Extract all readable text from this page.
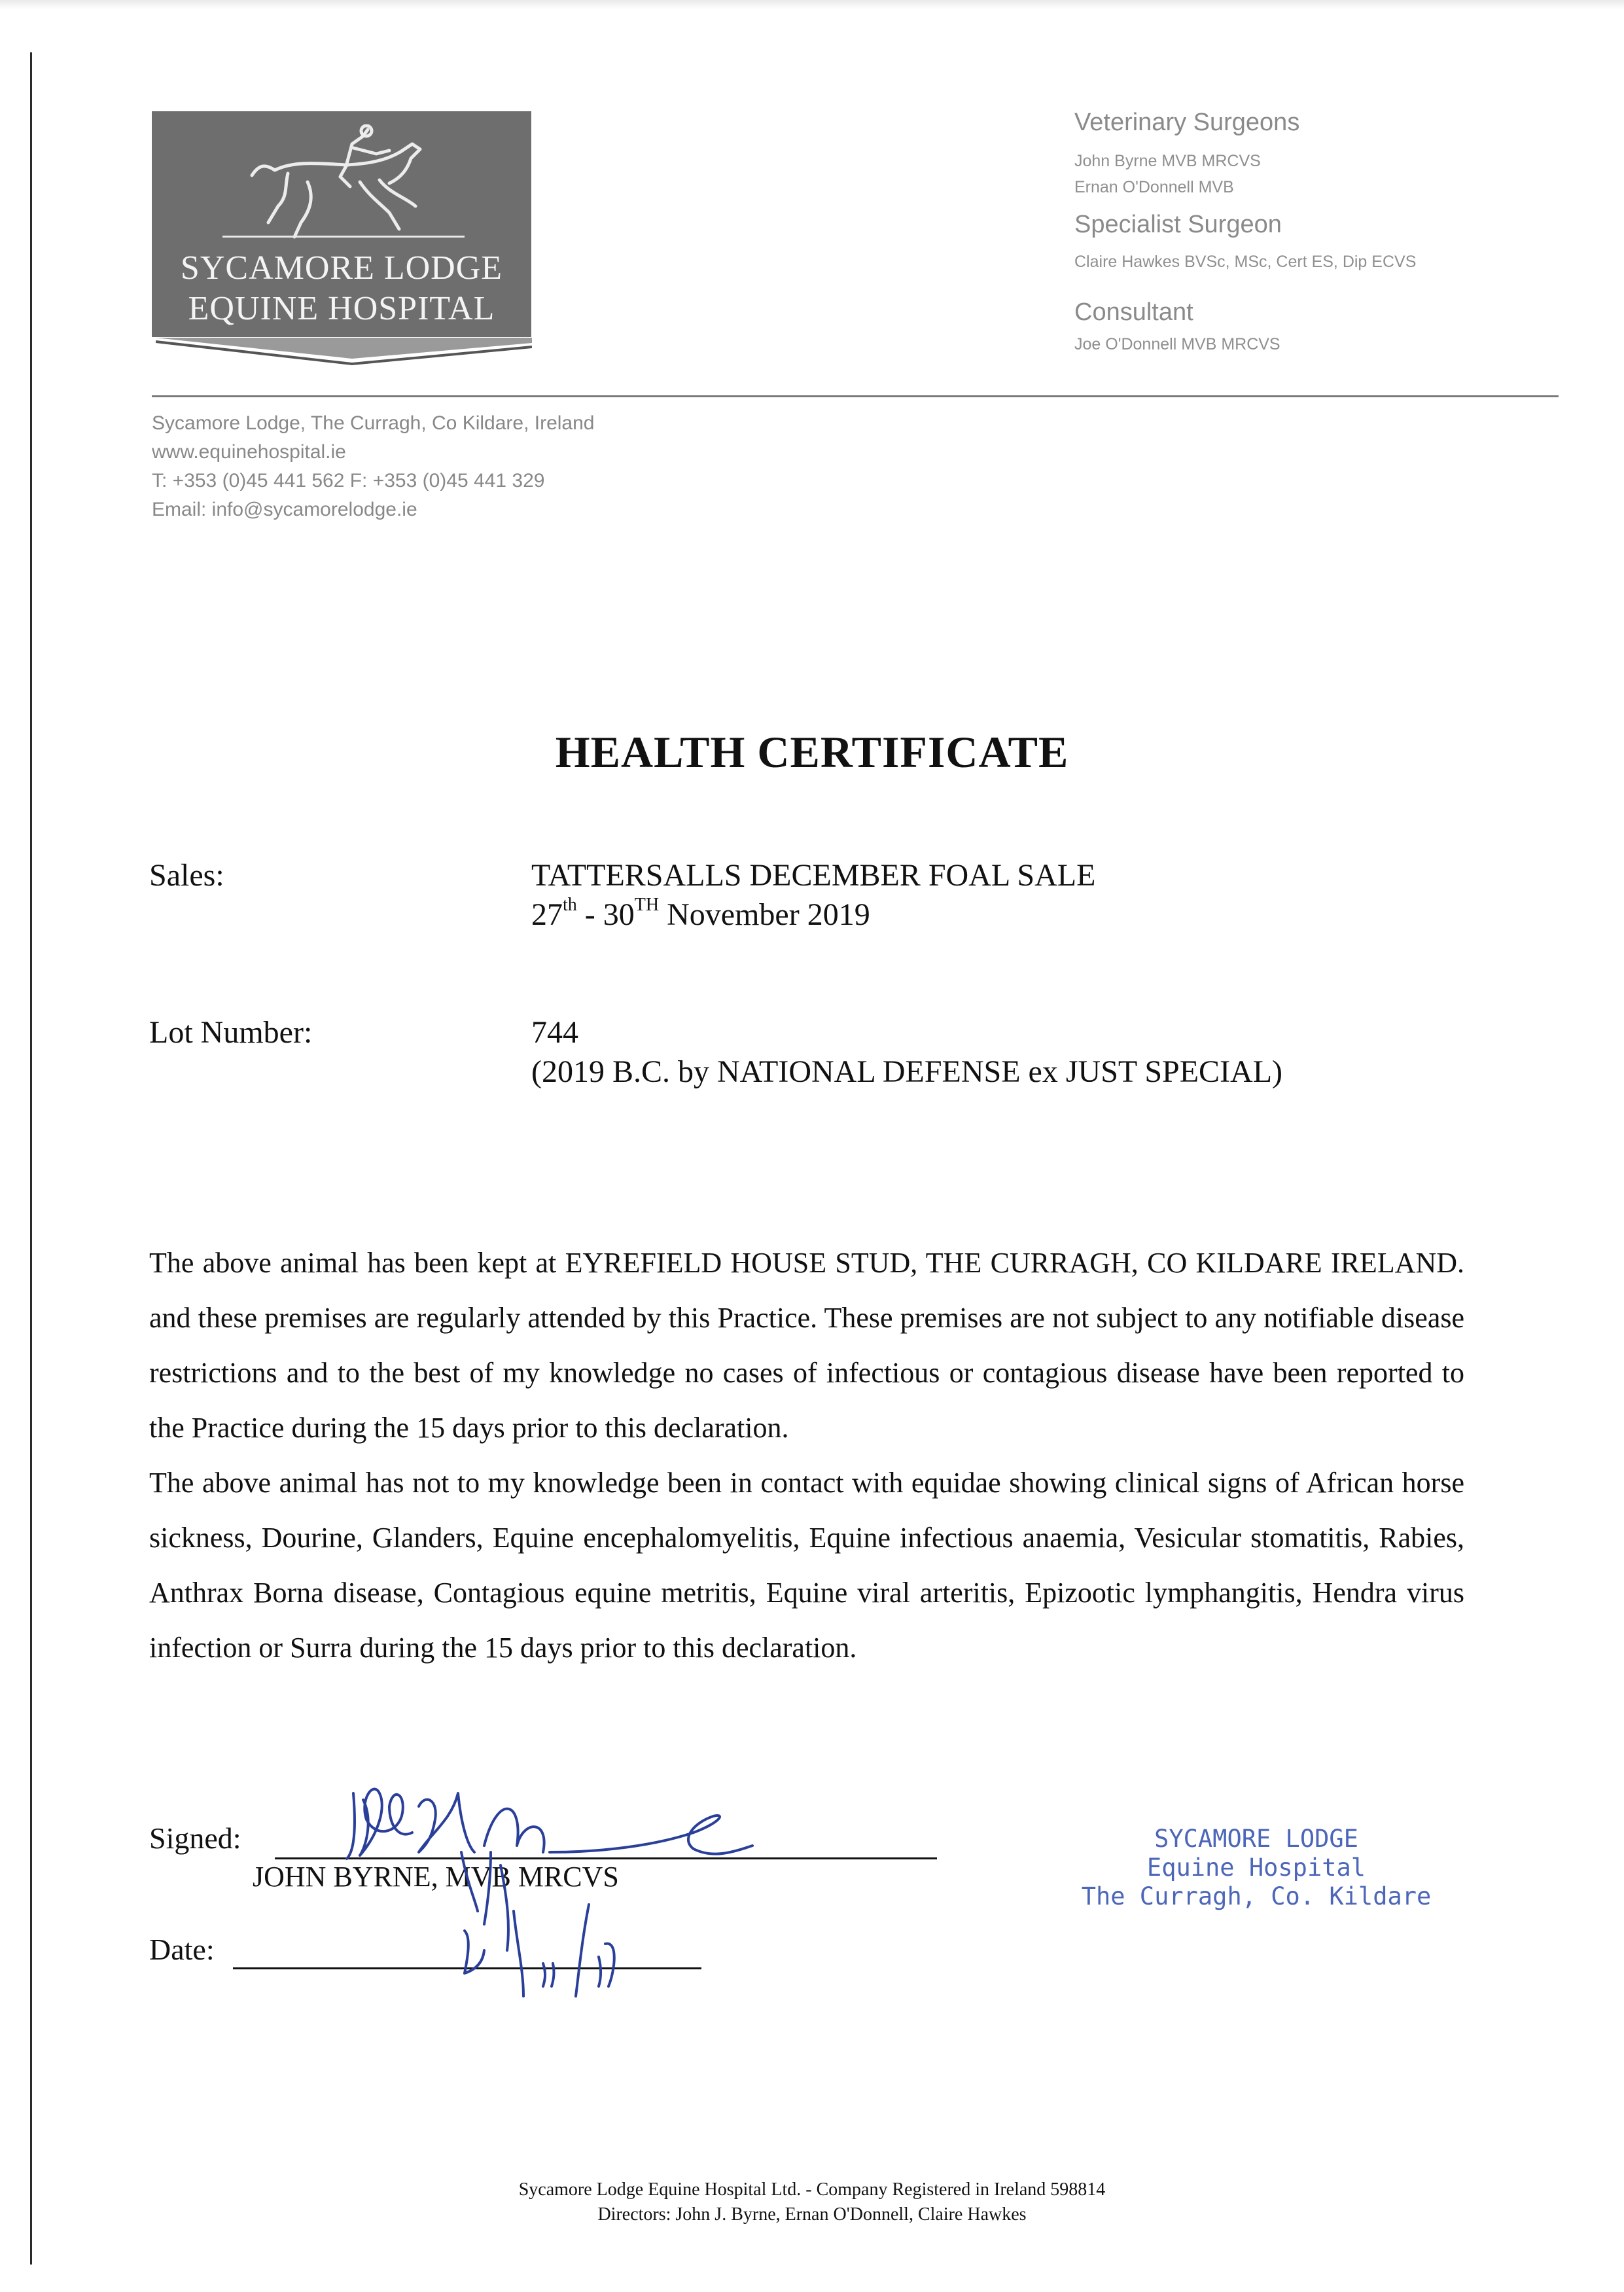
SYCAMORE LODGE
EQUINE HOSPITAL
Veterinary Surgeons
John Byrne MVB MRCVS
Ernan O'Donnell MVB
Specialist Surgeon
Claire Hawkes BVSc, MSc, Cert ES, Dip ECVS
Consultant
Joe O'Donnell MVB MRCVS
Sycamore Lodge, The Curragh, Co Kildare, Ireland
www.equinehospital.ie
T: +353 (0)45 441 562 F: +353 (0)45 441 329
Email: info@sycamorelodge.ie
HEALTH CERTIFICATE
Sales:	TATTERSALLS DECEMBER FOAL SALE
27th - 30TH November 2019
Lot Number:	744
(2019 B.C. by NATIONAL DEFENSE ex JUST SPECIAL)

The above animal has been kept at EYREFIELD HOUSE STUD, THE CURRAGH, CO KILDARE IRELAND. and these premises are regularly attended by this Practice. These premises are not subject to any notifiable disease restrictions and to the best of my knowledge no cases of infectious or contagious disease have been reported to the Practice during the 15 days prior to this declaration.

The above animal has not to my knowledge been in contact with equidae showing clinical signs of African horse sickness, Dourine, Glanders, Equine encephalomyelitis, Equine infectious anaemia, Vesicular stomatitis, Rabies, Anthrax Borna disease, Contagious equine metritis, Equine viral arteritis, Epizootic lymphangitis, Hendra virus infection or Surra during the 15 days prior to this declaration.

Signed:
JOHN BYRNE, MVB MRCVS
Date:
SYCAMORE LODGE
Equine Hospital
The Curragh, Co. Kildare
Sycamore Lodge Equine Hospital Ltd. - Company Registered in Ireland 598814
Directors: John J. Byrne, Ernan O'Donnell, Claire Hawkes
